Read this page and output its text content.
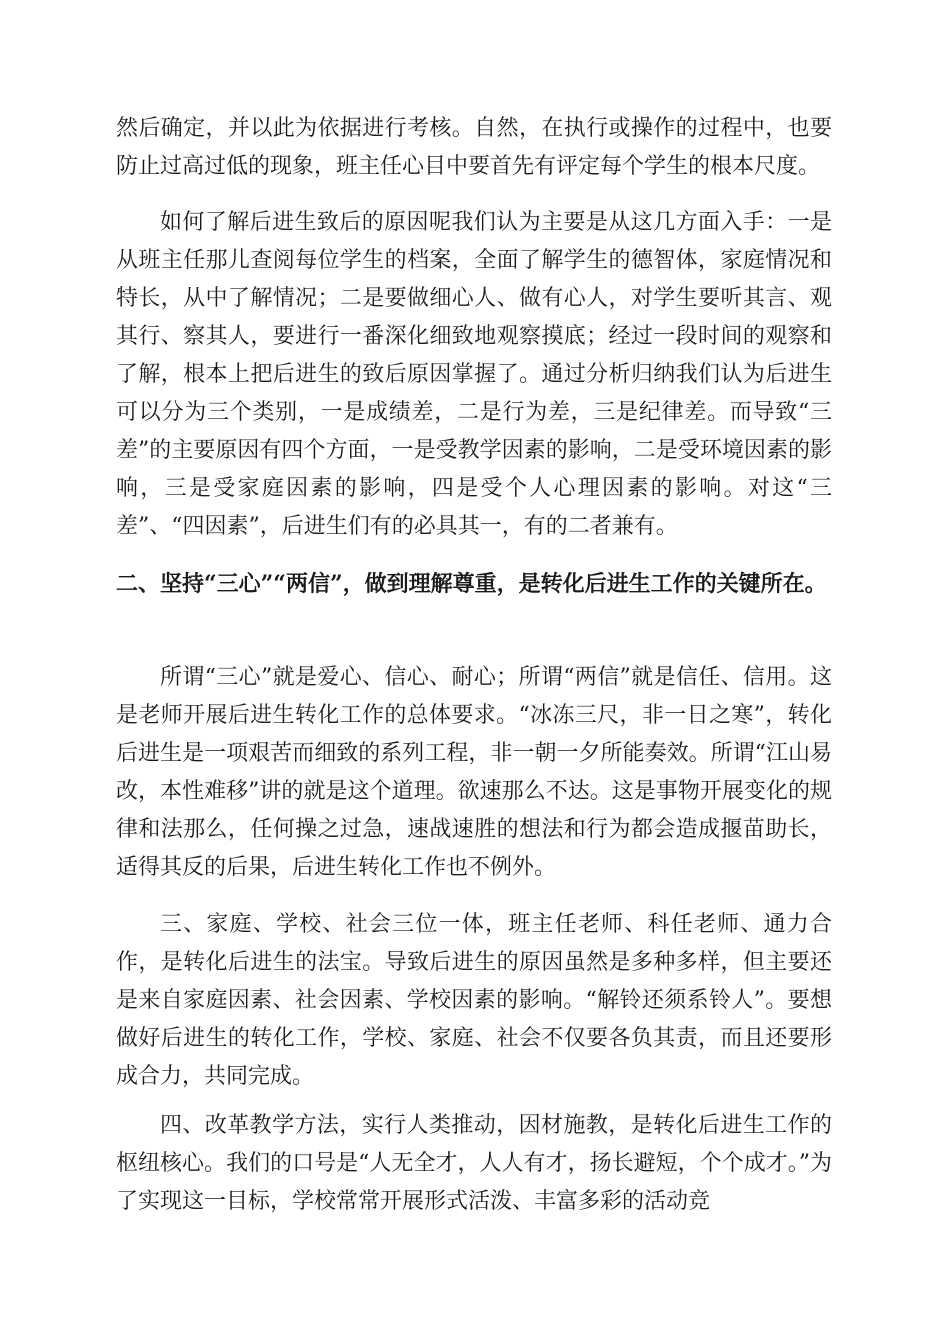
然后确定，并以此为依据进行考核。自然，在执行或操作的过程中，也要防止过高过低的现象，班主任心目中要首先有评定每个学生的根本尺度。

如何了解后进生致后的原因呢我们认为主要是从这几方面入手：一是从班主任那儿查阅每位学生的档案，全面了解学生的德智体，家庭情况和特长，从中了解情况；二是要做细心人、做有心人，对学生要听其言、观其行、察其人，要进行一番深化细致地观察摸底；经过一段时间的观察和了解，根本上把后进生的致后原因掌握了。通过分析归纳我们认为后进生可以分为三个类别，一是成绩差，二是行为差，三是纪律差。而导致“三差”的主要原因有四个方面，一是受教学因素的影响，二是受环境因素的影响，三是受家庭因素的影响，四是受个人心理因素的影响。对这“三差”、“四因素”，后进生们有的必具其一，有的二者兼有。

二、坚持“三心”“两信”，做到理解尊重，是转化后进生工作的关键所在。

所谓“三心”就是爱心、信心、耐心；所谓“两信”就是信任、信用。这是老师开展后进生转化工作的总体要求。“冰冻三尺，非一日之寒”，转化后进生是一项艰苦而细致的系列工程，非一朝一夕所能奏效。所谓“江山易改，本性难移”讲的就是这个道理。欲速那么不达。这是事物开展变化的规律和法那么，任何操之过急，速战速胜的想法和行为都会造成揠苗助长，适得其反的后果，后进生转化工作也不例外。

三、家庭、学校、社会三位一体，班主任老师、科任老师、通力合作，是转化后进生的法宝。导致后进生的原因虽然是多种多样，但主要还是来自家庭因素、社会因素、学校因素的影响。“解铃还须系铃人”。要想做好后进生的转化工作，学校、家庭、社会不仅要各负其责，而且还要形成合力，共同完成。

四、改革教学方法，实行人类推动，因材施教，是转化后进生工作的枢纽核心。我们的口号是“人无全才，人人有才，扬长避短，个个成才。”为了实现这一目标，学校常常开展形式活泼、丰富多彩的活动竞
